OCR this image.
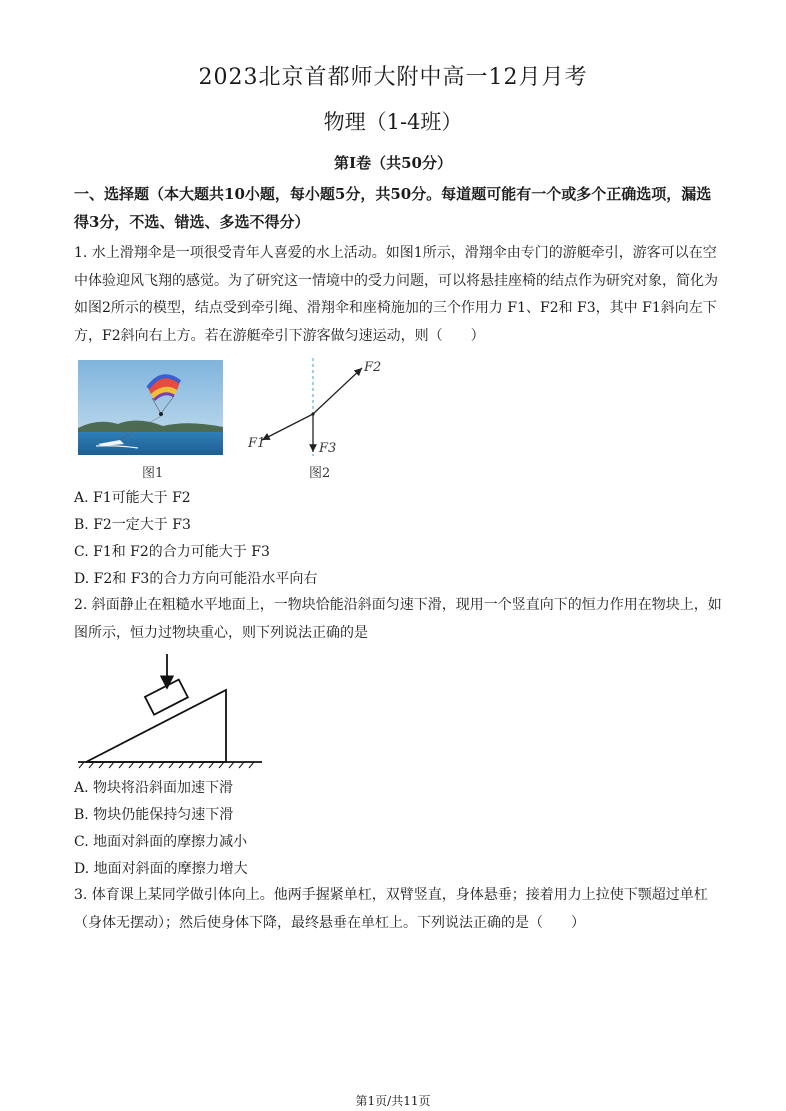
2023北京首都师大附中高一12月月考
物理（1-4班）
第Ⅰ卷（共50分）
一、选择题（本大题共10小题，每小题5分，共50分。每道题可能有一个或多个正确选项，漏选得3分，不选、错选、多选不得分）
1. 水上滑翔伞是一项很受青年人喜爱的水上活动。如图1所示，滑翔伞由专门的游艇牵引，游客可以在空中体验迎风飞翔的感觉。为了研究这一情境中的受力问题，可以将悬挂座椅的结点作为研究对象，简化为如图2所示的模型，结点受到牵引绳、滑翔伞和座椅施加的三个作用力 F1、F2和 F3，其中 F1斜向左下方，F2斜向右上方。若在游艇牵引下游客做匀速运动，则（　　）
图1
F2
F1	F3
图2
A. F1可能大于 F2
B. F2一定大于 F3
C. F1和 F2的合力可能大于 F3
D. F2和 F3的合力方向可能沿水平向右
2. 斜面静止在粗糙水平地面上，一物块恰能沿斜面匀速下滑，现用一个竖直向下的恒力作用在物块上，如图所示，恒力过物块重心，则下列说法正确的是
A. 物块将沿斜面加速下滑
B. 物块仍能保持匀速下滑
C. 地面对斜面的摩擦力减小
D. 地面对斜面的摩擦力增大
3. 体育课上某同学做引体向上。他两手握紧单杠，双臂竖直，身体悬垂；接着用力上拉使下颚超过单杠（身体无摆动）；然后使身体下降，最终悬垂在单杠上。下列说法正确的是（　　）
第1页/共11页
